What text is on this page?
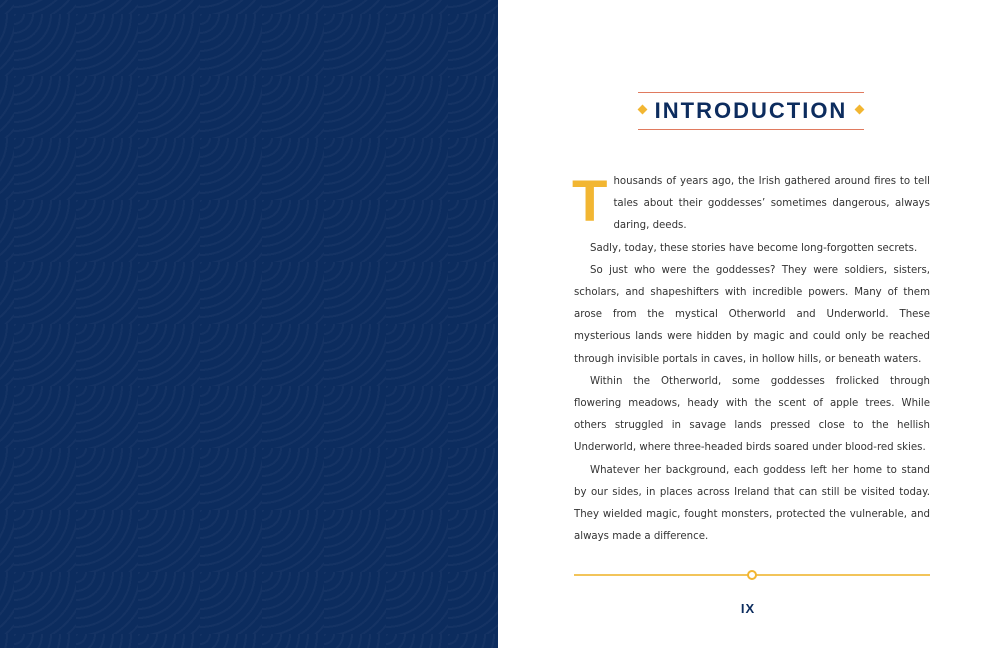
INTRODUCTION

Thousands of years ago, the Irish gathered around fires to tell tales about their goddesses’ sometimes dangerous, always daring, deeds.

Sadly, today, these stories have become long-forgotten secrets.

So just who were the goddesses? They were soldiers, sisters, scholars, and shapeshifters with incredible powers. Many of them arose from the mystical Otherworld and Underworld. These mysterious lands were hidden by magic and could only be reached through invisible portals in caves, in hollow hills, or beneath waters.

Within the Otherworld, some goddesses frolicked through flowering meadows, heady with the scent of apple trees. While others struggled in savage lands pressed close to the hellish Underworld, where three-headed birds soared under blood-red skies.

Whatever her background, each goddess left her home to stand by our sides, in places across Ireland that can still be visited today. They wielded magic, fought monsters, protected the vulnerable, and always made a difference.

IX
